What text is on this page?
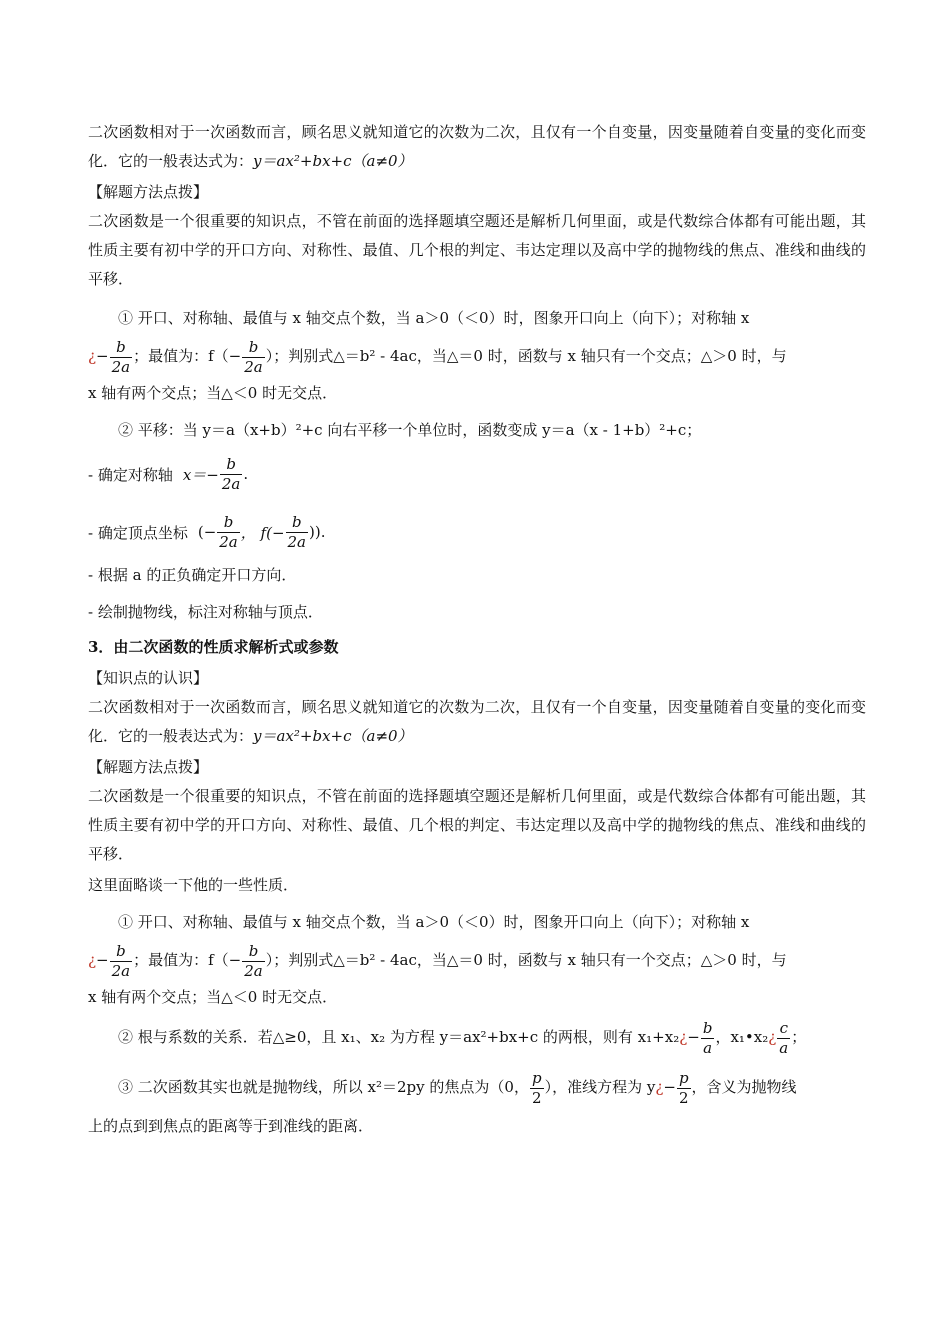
二次函数相对于一次函数而言，顾名思义就知道它的次数为二次，且仅有一个自变量，因变量随着自变量的变化而变化．它的一般表达式为：y＝ax²+bx+c（a≠0）

【解题方法点拨】

二次函数是一个很重要的知识点，不管在前面的选择题填空题还是解析几何里面，或是代数综合体都有可能出题，其性质主要有初中学的开口方向、对称性、最值、几个根的判定、韦达定理以及高中学的抛物线的焦点、准线和曲线的平移．

① 开口、对称轴、最值与 x 轴交点个数，当 a＞0（＜0）时，图象开口向上（向下）；对称轴 x

¿− $\frac{b}{2a}$ ；最值为：$f(- \frac{b}{2a}$ ）；判别式△＝b² - 4ac，当△＝0 时，函数与 x 轴只有一个交点；△＞0 时，与

x 轴有两个交点；当△＜0 时无交点．

② 平移：当 y＝a（x+b）²+c 向右平移一个单位时，函数变成 y＝a（x - 1+b）²+c；

- 确定对称轴 $x=- \frac{b}{2a}$ .
- 确定顶点坐标 (− $\frac{b}{2a}$ ， $f(- \frac{b}{2a}$ )).

- 根据 a 的正负确定开口方向．

- 绘制抛物线，标注对称轴与顶点．

3．由二次函数的性质求解析式或参数

【知识点的认识】

二次函数相对于一次函数而言，顾名思义就知道它的次数为二次，且仅有一个自变量，因变量随着自变量的变化而变化．它的一般表达式为：y＝ax²+bx+c（a≠0）

【解题方法点拨】

二次函数是一个很重要的知识点，不管在前面的选择题填空题还是解析几何里面，或是代数综合体都有可能出题，其性质主要有初中学的开口方向、对称性、最值、几个根的判定、韦达定理以及高中学的抛物线的焦点、准线和曲线的平移．

这里面略谈一下他的一些性质．

① 开口、对称轴、最值与 x 轴交点个数，当 a＞0（＜0）时，图象开口向上（向下）；对称轴 x

¿− $\frac{b}{2a}$ ；最值为：$f(- \frac{b}{2a}$ ）；判别式△＝b² - 4ac，当△＝0 时，函数与 x 轴只有一个交点；△＞0 时，与

x 轴有两个交点；当△＜0 时无交点．

② 根与系数的关系．若△≥0，且 x₁、x₂ 为方程 y＝ax²+bx+c 的两根，则有 x₁+x₂¿− $\frac{b}{a}$ ，x₁•x₂¿ $\frac{c}{a}$ ；

③ 二次函数其实也就是抛物线，所以 x²＝2py 的焦点为（0， $\frac{p}{2}$ ），准线方程为 y¿− $\frac{p}{2}$ ，含义为抛物线

上的点到到焦点的距离等于到准线的距离．
